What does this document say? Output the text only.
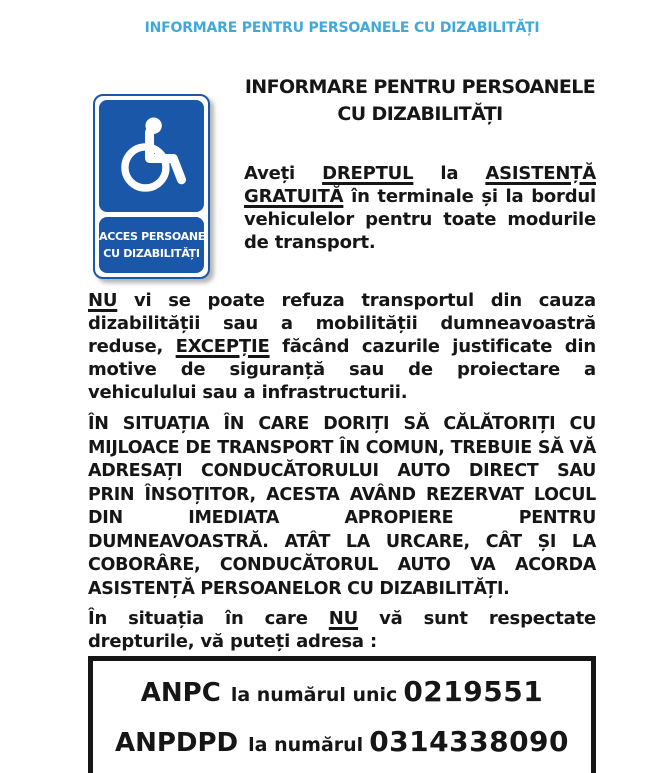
INFORMARE PENTRU PERSOANELE CU DIZABILITĂȚI
ACCES PERSOANE
CU DIZABILITĂȚI
INFORMARE PENTRU PERSOANELE CU DIZABILITĂȚI

Aveți DREPTUL la ASISTENȚĂ GRATUITĂ în terminale și la bordul vehiculelor pentru toate modurile de transport.

NU vi se poate refuza transportul din cauza dizabilității sau a mobilității dumneavoastră reduse, EXCEPȚIE făcând cazurile justificate din motive de siguranță sau de proiectare a vehiculului sau a infrastructurii.

ÎN SITUAȚIA ÎN CARE DORIȚI SĂ CĂLĂTORIȚI CU MIJLOACE DE TRANSPORT ÎN COMUN, TREBUIE SĂ VĂ ADRESAȚI CONDUCĂTORULUI AUTO DIRECT SAU PRIN ÎNSOȚITOR, ACESTA AVÂND REZERVAT LOCUL DIN IMEDIATA APROPIERE PENTRU DUMNEAVOASTRĂ. ATÂT LA URCARE, CÂT ȘI LA COBORÂRE, CONDUCĂTORUL AUTO VA ACORDA ASISTENȚĂ PERSOANELOR CU DIZABILITĂȚI.

În situația în care NU vă sunt respectate drepturile, vă puteți adresa :

ANPC la numărul unic 0219551
ANPDPD la numărul 0314338090
